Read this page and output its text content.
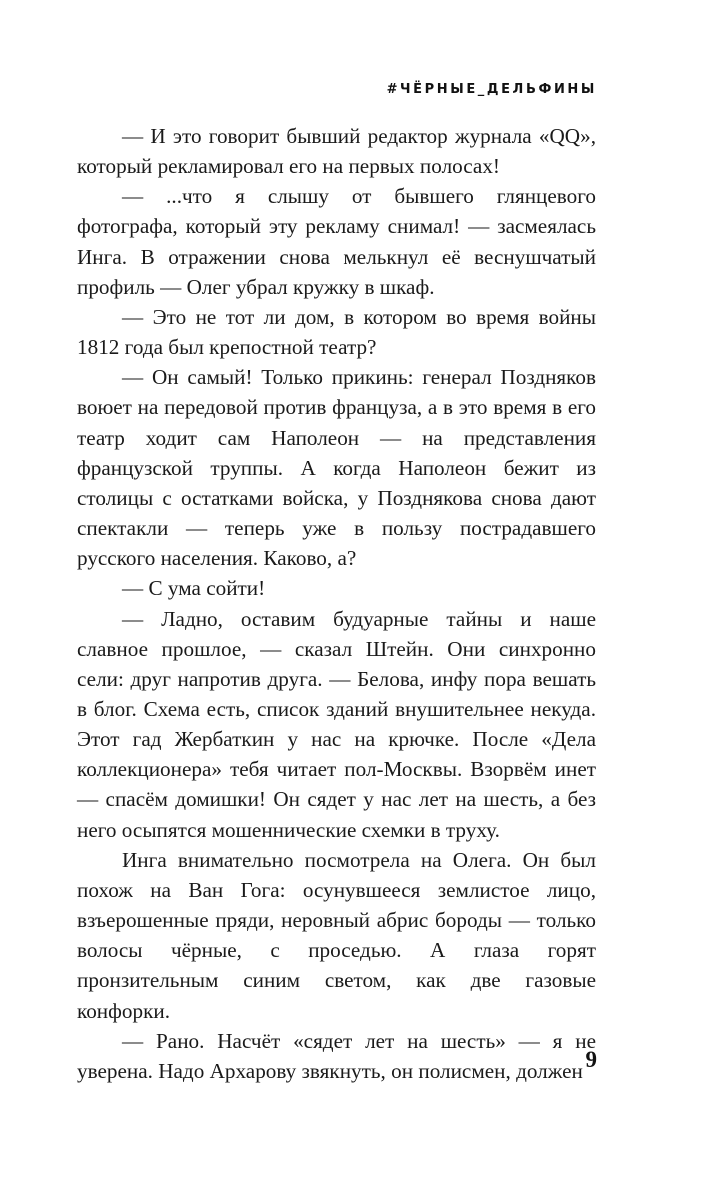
#ЧЁРНЫЕ_ДЕЛЬФИНЫ

— И это говорит бывший редактор журнала «QQ», который рекламировал его на первых полосах!

— ...что я слышу от бывшего глянцевого фотографа, который эту рекламу снимал! — засмеялась Инга. В отражении снова мелькнул её веснушчатый профиль — Олег убрал кружку в шкаф.

— Это не тот ли дом, в котором во время войны 1812 года был крепостной театр?

— Он самый! Только прикинь: генерал Поздняков воюет на передовой против француза, а в это время в его театр ходит сам Наполеон — на представления французской труппы. А когда Наполеон бежит из столицы с остатками войска, у Позднякова снова дают спектакли — теперь уже в пользу пострадавшего русского населения. Каково, а?

— С ума сойти!

— Ладно, оставим будуарные тайны и наше славное прошлое, — сказал Штейн. Они синхронно сели: друг напротив друга. — Белова, инфу пора вешать в блог. Схема есть, список зданий внушительнее некуда. Этот гад Жербаткин у нас на крючке. После «Дела коллекционера» тебя читает пол-Москвы. Взорвём инет — спасём домишки! Он сядет у нас лет на шесть, а без него осыпятся мошеннические схемки в труху.

Инга внимательно посмотрела на Олега. Он был похож на Ван Гога: осунувшееся землистое лицо, взъерошенные пряди, неровный абрис бороды — только волосы чёрные, с проседью. А глаза горят пронзительным синим светом, как две газовые конфорки.

— Рано. Насчёт «сядет лет на шесть» — я не уверена. Надо Архарову звякнуть, он полисмен, должен 9
